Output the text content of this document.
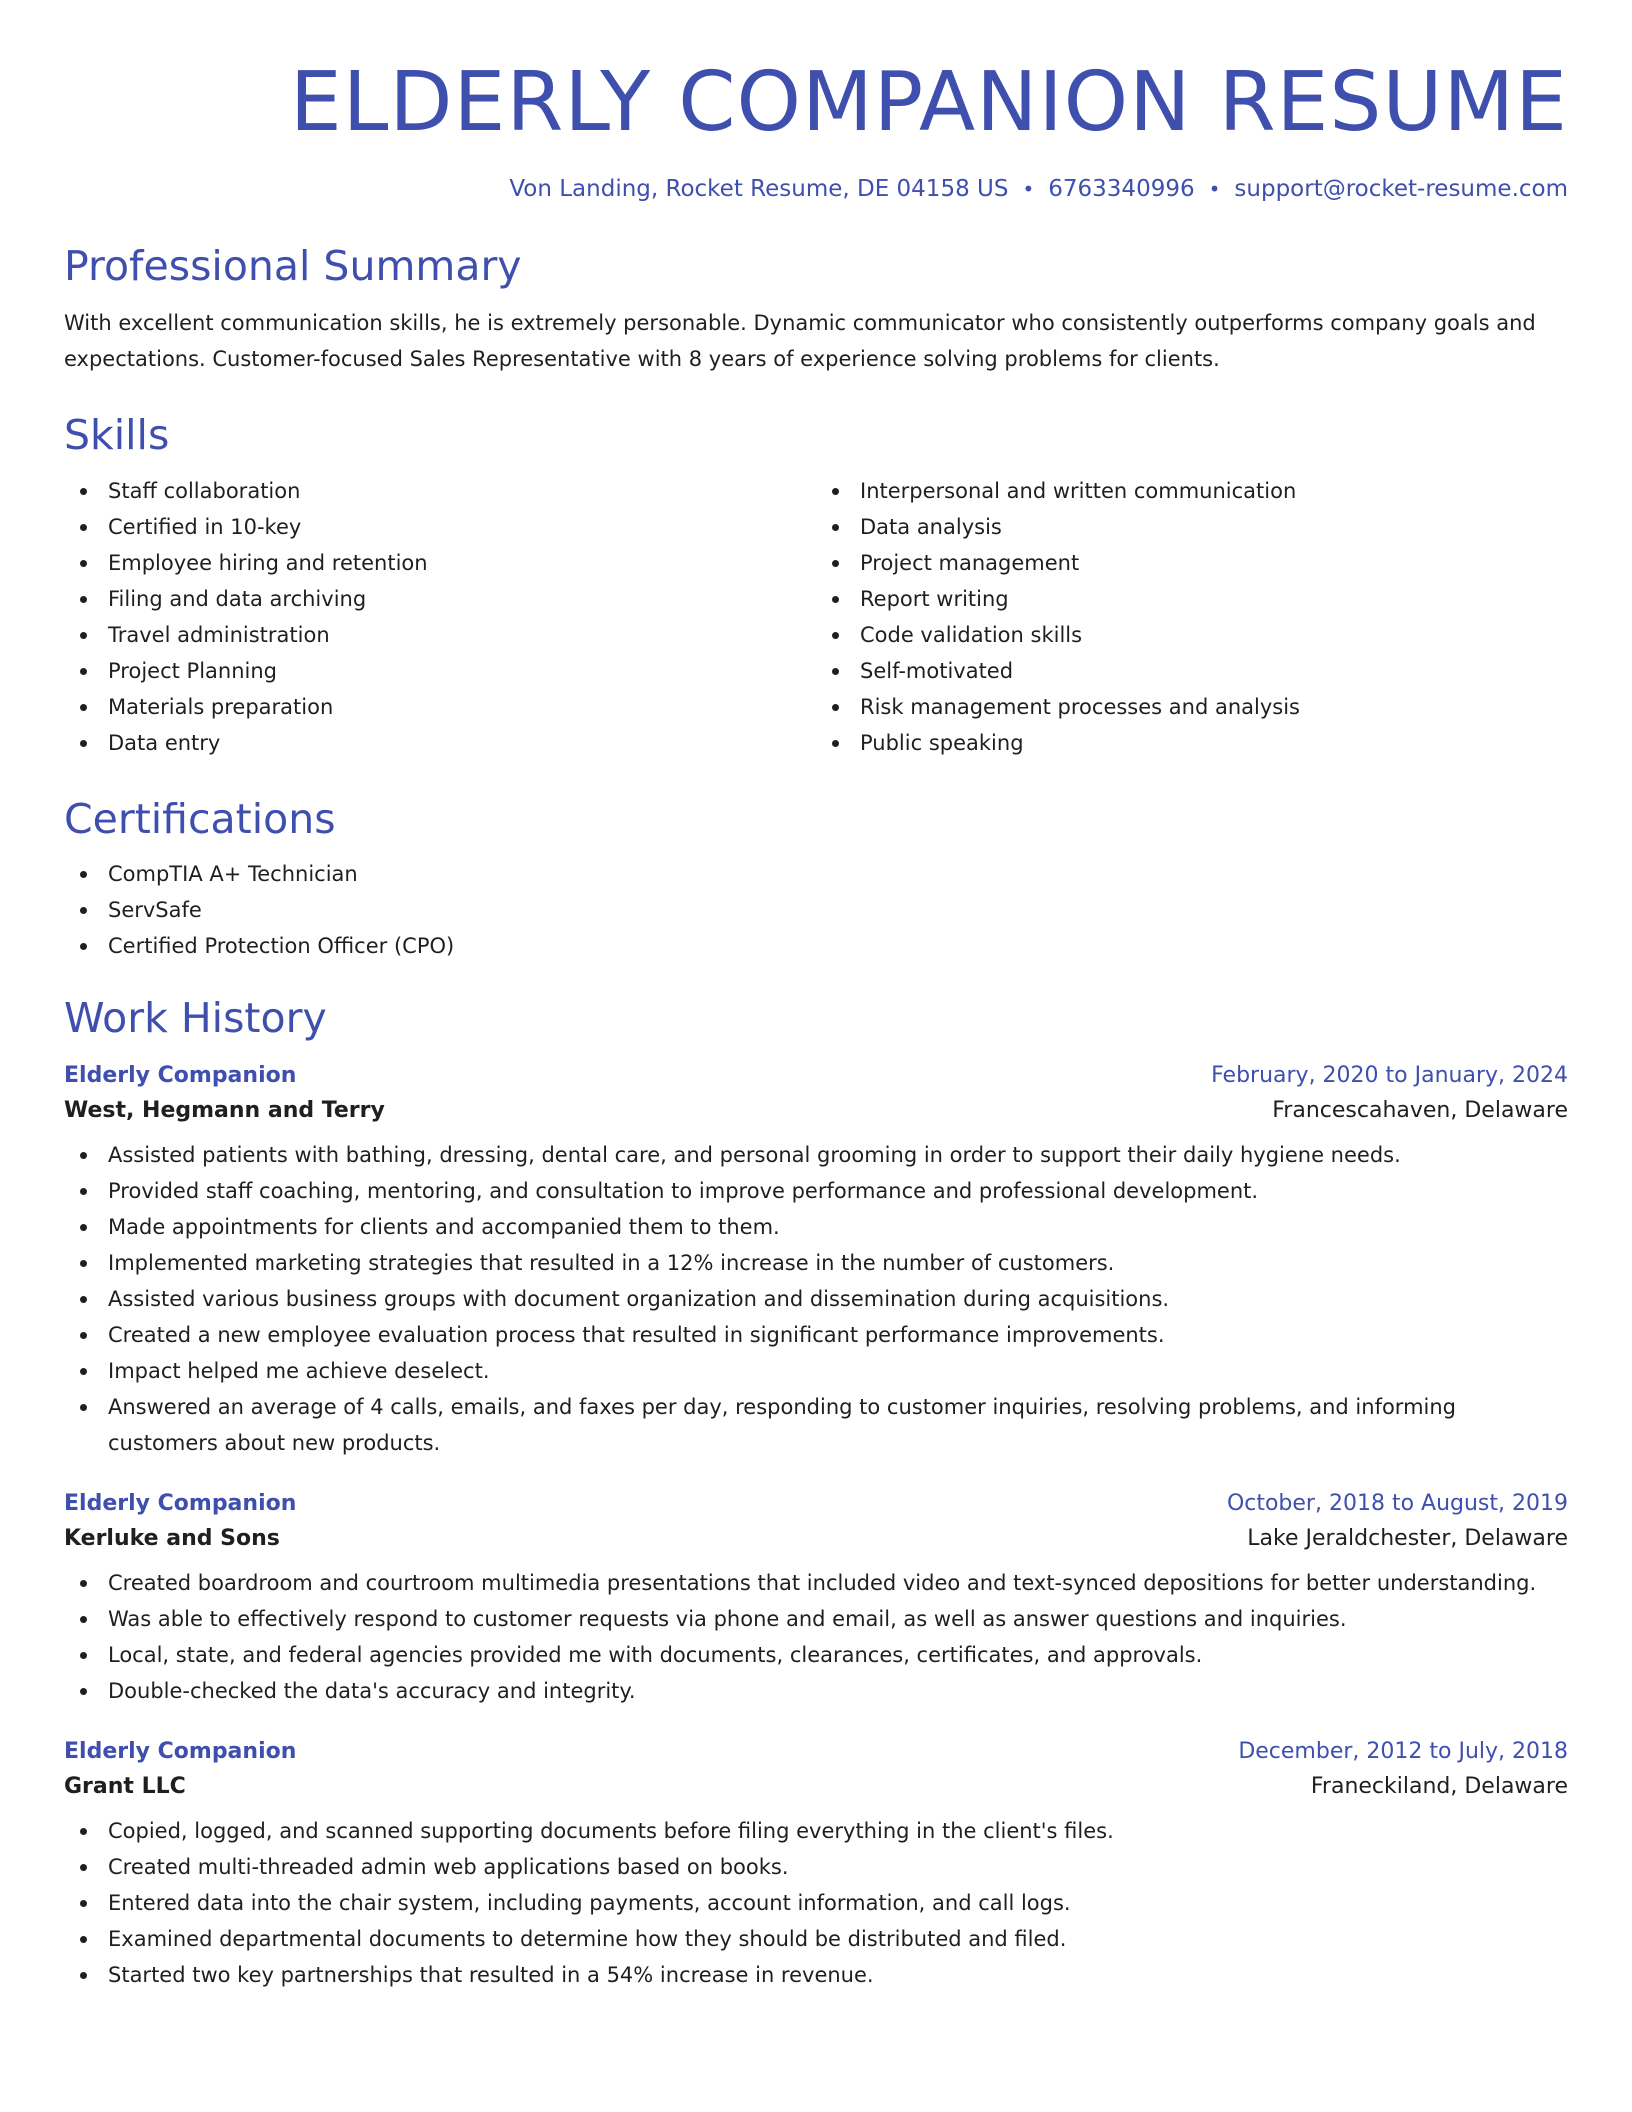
ELDERLY COMPANION RESUME
Von Landing, Rocket Resume, DE 04158 US • 6763340996 • support@rocket-resume.com
Professional Summary

With excellent communication skills, he is extremely personable. Dynamic communicator who consistently outperforms company goals and expectations. Customer-focused Sales Representative with 8 years of experience solving problems for clients.

Skills
Staff collaboration
Certified in 10-key
Employee hiring and retention
Filing and data archiving
Travel administration
Project Planning
Materials preparation
Data entry
Interpersonal and written communication
Data analysis
Project management
Report writing
Code validation skills
Self-motivated
Risk management processes and analysis
Public speaking
Certifications
CompTIA A+ Technician
ServSafe
Certified Protection Officer (CPO)
Work History
Elderly Companion	February, 2020 to January, 2024
West, Hegmann and Terry	Francescahaven, Delaware
Assisted patients with bathing, dressing, dental care, and personal grooming in order to support their daily hygiene needs.
Provided staff coaching, mentoring, and consultation to improve performance and professional development.
Made appointments for clients and accompanied them to them.
Implemented marketing strategies that resulted in a 12% increase in the number of customers.
Assisted various business groups with document organization and dissemination during acquisitions.
Created a new employee evaluation process that resulted in significant performance improvements.
Impact helped me achieve deselect.
Answered an average of 4 calls, emails, and faxes per day, responding to customer inquiries, resolving problems, and informing customers about new products.
Elderly Companion	October, 2018 to August, 2019
Kerluke and Sons	Lake Jeraldchester, Delaware
Created boardroom and courtroom multimedia presentations that included video and text-synced depositions for better understanding.
Was able to effectively respond to customer requests via phone and email, as well as answer questions and inquiries.
Local, state, and federal agencies provided me with documents, clearances, certificates, and approvals.
Double-checked the data's accuracy and integrity.
Elderly Companion	December, 2012 to July, 2018
Grant LLC	Franeckiland, Delaware
Copied, logged, and scanned supporting documents before filing everything in the client's files.
Created multi-threaded admin web applications based on books.
Entered data into the chair system, including payments, account information, and call logs.
Examined departmental documents to determine how they should be distributed and filed.
Started two key partnerships that resulted in a 54% increase in revenue.
